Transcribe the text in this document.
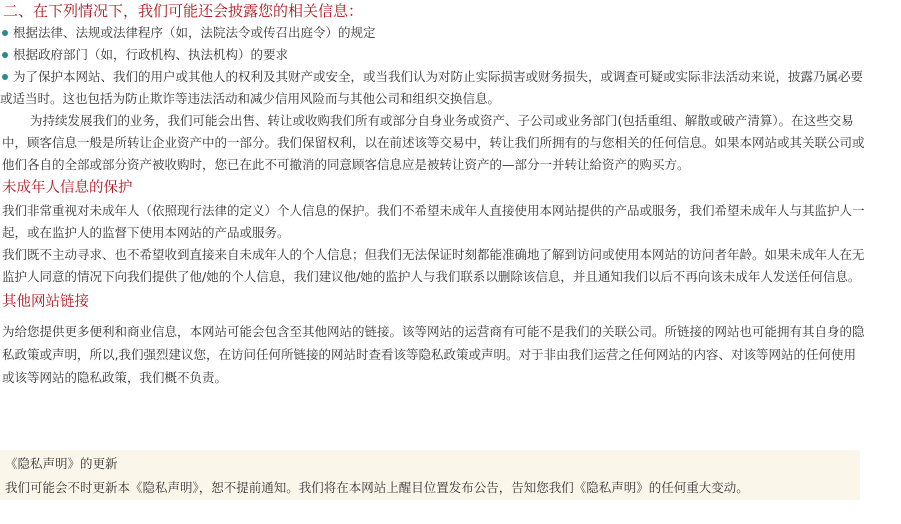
二、在下列情况下，我们可能还会披露您的相关信息：
根据法律、法规或法律程序（如，法院法令或传召出庭令）的规定
根据政府部门（如，行政机构、执法机构）的要求
为了保护本网站、我们的用户或其他人的权利及其财产或安全，或当我们认为对防止实际损害或财务损失，或调查可疑或实际非法活动来说，披露乃属必要或适当时。这也包括为防止欺诈等违法活动和减少信用风险而与其他公司和组织交换信息。

为持续发展我们的业务，我们可能会出售、转让或收购我们所有或部分自身业务或资产、子公司或业务部门(包括重组、解散或破产清算）。在这些交易中，顾客信息一般是所转让企业资产中的一部分。我们保留权利，以在前述该等交易中，转让我们所拥有的与您相关的任何信息。如果本网站或其关联公司或他们各自的全部或部分资产被收购时，您已在此不可撤消的同意顾客信息应是被转让资产的—部分一并转让給资产的购买方。

未成年人信息的保护

我们非常重视对未成年人（依照现行法律的定义）个人信息的保护。我们不希望未成年人直接使用本网站提供的产品或服务，我们希望未成年人与其监护人一起，或在监护人的监督下使用本网站的产品或服务。

我们既不主动寻求、也不希望收到直接来自未成年人的个人信息；但我们无法保证时刻都能准确地了解到访问或使用本网站的访问者年龄。如果未成年人在无监护人同意的情况下向我们提供了他/她的个人信息，我们建议他/她的监护人与我们联系以删除该信息，并且通知我们以后不再向该未成年人发送任何信息。

其他网站链接

为给您提供更多便利和商业信息，本网站可能会包含至其他网站的链接。该等网站的运营商有可能不是我们的关联公司。所链接的网站也可能拥有其自身的隐私政策或声明，所以,我们强烈建议您，在访问任何所链接的网站时查看该等隐私政策或声明。对于非由我们运营之任何网站的内容、对该等网站的任何使用或该等网站的隐私政策，我们概不负责。

《隐私声明》的更新

我们可能会不时更新本《隐私声明》，恕不提前通知。我们将在本网站上醒目位置发布公告，告知您我们《隐私声明》的任何重大变动。
